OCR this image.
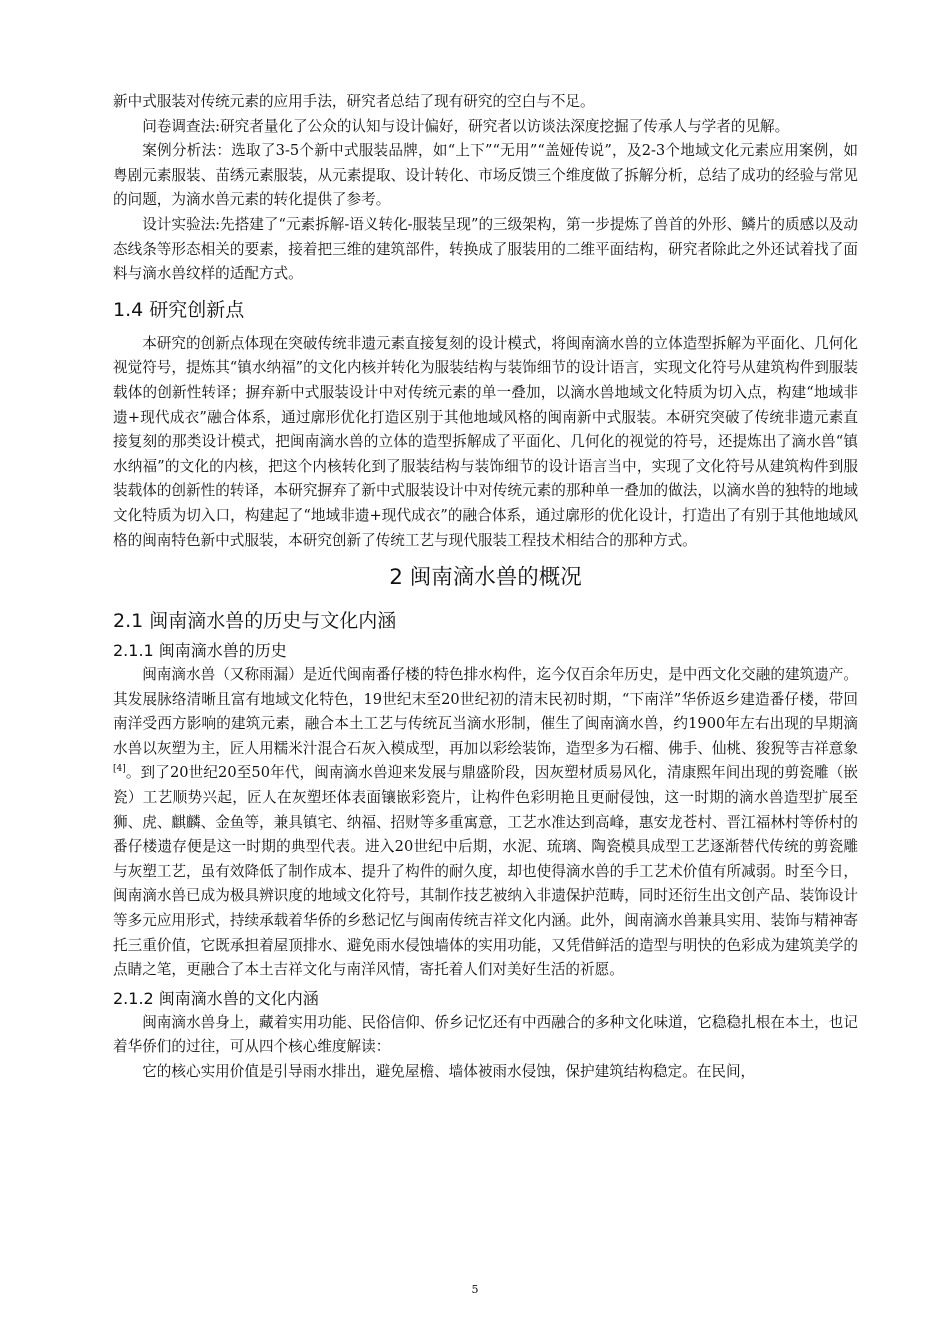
新中式服装对传统元素的应用手法，研究者总结了现有研究的空白与不足。

问卷调查法:研究者量化了公众的认知与设计偏好，研究者以访谈法深度挖掘了传承人与学者的见解。

案例分析法：选取了3-5个新中式服装品牌，如“上下”“无用”“盖娅传说”，及2-3个地域文化元素应用案例，如粤剧元素服装、苗绣元素服装，从元素提取、设计转化、市场反馈三个维度做了拆解分析，总结了成功的经验与常见的问题，为滴水兽元素的转化提供了参考。

设计实验法:先搭建了“元素拆解-语义转化-服装呈现”的三级架构，第一步提炼了兽首的外形、鳞片的质感以及动态线条等形态相关的要素，接着把三维的建筑部件，转换成了服装用的二维平面结构，研究者除此之外还试着找了面料与滴水兽纹样的适配方式。

1.4 研究创新点

本研究的创新点体现在突破传统非遗元素直接复刻的设计模式，将闽南滴水兽的立体造型拆解为平面化、几何化视觉符号，提炼其“镇水纳福”的文化内核并转化为服装结构与装饰细节的设计语言，实现文化符号从建筑构件到服装载体的创新性转译；摒弃新中式服装设计中对传统元素的单一叠加，以滴水兽地域文化特质为切入点，构建“地域非遗+现代成衣”融合体系，通过廓形优化打造区别于其他地域风格的闽南新中式服装。本研究突破了传统非遗元素直接复刻的那类设计模式，把闽南滴水兽的立体的造型拆解成了平面化、几何化的视觉的符号，还提炼出了滴水兽“镇水纳福”的文化的内核，把这个内核转化到了服装结构与装饰细节的设计语言当中，实现了文化符号从建筑构件到服装载体的创新性的转译，本研究摒弃了新中式服装设计中对传统元素的那种单一叠加的做法，以滴水兽的独特的地域文化特质为切入口，构建起了“地域非遗+现代成衣”的融合体系，通过廓形的优化设计，打造出了有别于其他地域风格的闽南特色新中式服装，本研究创新了传统工艺与现代服装工程技术相结合的那种方式。

2 闽南滴水兽的概况
2.1 闽南滴水兽的历史与文化内涵
2.1.1 闽南滴水兽的历史

闽南滴水兽（又称雨漏）是近代闽南番仔楼的特色排水构件，迄今仅百余年历史，是中西文化交融的建筑遗产。其发展脉络清晰且富有地域文化特色，19世纪末至20世纪初的清末民初时期，“下南洋”华侨返乡建造番仔楼，带回南洋受西方影响的建筑元素，融合本土工艺与传统瓦当滴水形制，催生了闽南滴水兽，约1900年左右出现的早期滴水兽以灰塑为主，匠人用糯米汁混合石灰入模成型，再加以彩绘装饰，造型多为石榴、佛手、仙桃、狻猊等吉祥意象[4]。到了20世纪20至50年代，闽南滴水兽迎来发展与鼎盛阶段，因灰塑材质易风化，清康熙年间出现的剪瓷雕（嵌瓷）工艺顺势兴起，匠人在灰塑坯体表面镶嵌彩瓷片，让构件色彩明艳且更耐侵蚀，这一时期的滴水兽造型扩展至狮、虎、麒麟、金鱼等，兼具镇宅、纳福、招财等多重寓意，工艺水准达到高峰，惠安龙苍村、晋江福林村等侨村的番仔楼遗存便是这一时期的典型代表。进入20世纪中后期，水泥、琉璃、陶瓷模具成型工艺逐渐替代传统的剪瓷雕与灰塑工艺，虽有效降低了制作成本、提升了构件的耐久度，却也使得滴水兽的手工艺术价值有所减弱。时至今日，闽南滴水兽已成为极具辨识度的地域文化符号，其制作技艺被纳入非遗保护范畴，同时还衍生出文创产品、装饰设计等多元应用形式，持续承载着华侨的乡愁记忆与闽南传统吉祥文化内涵。此外，闽南滴水兽兼具实用、装饰与精神寄托三重价值，它既承担着屋顶排水、避免雨水侵蚀墙体的实用功能，又凭借鲜活的造型与明快的色彩成为建筑美学的点睛之笔，更融合了本土吉祥文化与南洋风情，寄托着人们对美好生活的祈愿。

2.1.2 闽南滴水兽的文化内涵

闽南滴水兽身上，藏着实用功能、民俗信仰、侨乡记忆还有中西融合的多种文化味道，它稳稳扎根在本土，也记着华侨们的过往，可从四个核心维度解读：

它的核心实用价值是引导雨水排出，避免屋檐、墙体被雨水侵蚀，保护建筑结构稳定。在民间，

5
